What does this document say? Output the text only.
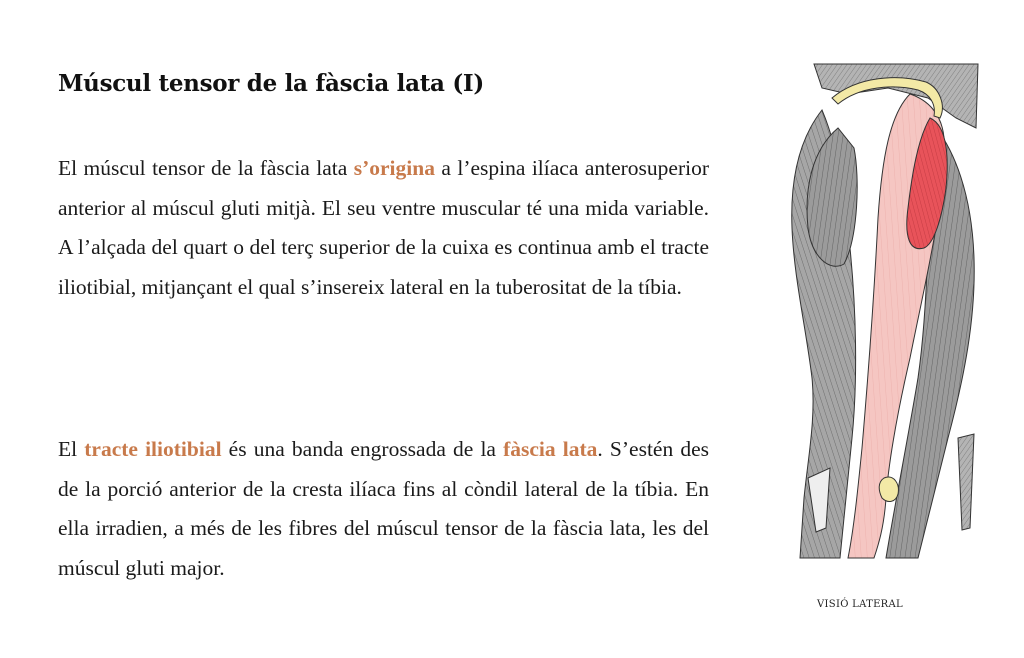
Múscul tensor de la fàscia lata (I)

El múscul tensor de la fàscia lata s’origina a l’espina ilíaca anterosuperior anterior al múscul gluti mitjà. El seu ventre muscular té una mida variable. A l’alçada del quart o del terç superior de la cuixa es continua amb el tracte iliotibial, mitjançant el qual s’insereix lateral en la tuberositat de la tíbia.

El tracte iliotibial és una banda engrossada de la fàscia lata. S’estén des de la porció anterior de la cresta ilíaca fins al còndil lateral de la tíbia. En ella irradien, a més de les fibres del múscul tensor de la fàscia lata, les del múscul gluti major.

VISIÓ LATERAL
